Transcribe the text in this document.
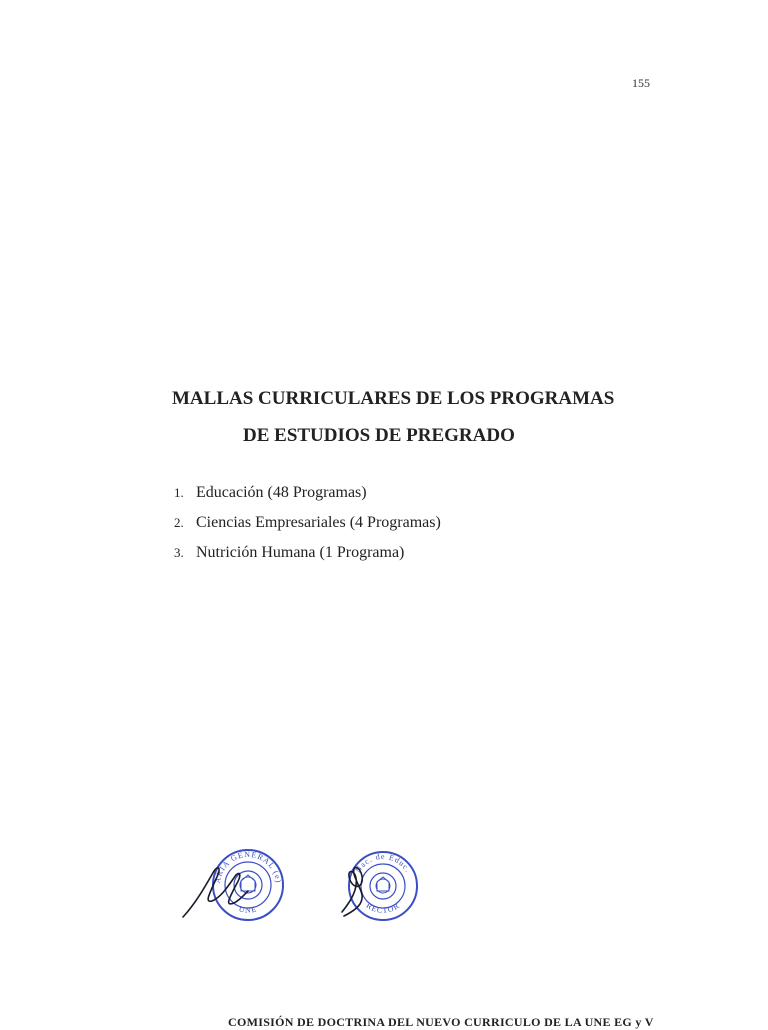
155
MALLAS CURRICULARES DE LOS PROGRAMAS
DE ESTUDIOS DE PREGRADO
1. Educación (48 Programas)
2. Ciencias Empresariales (4 Programas)
3. Nutrición Humana (1 Programa)
ARIA GENERAL (e)
UNE
Nac. de Educ.
RECTOR
COMISIÓN DE DOCTRINA DEL NUEVO CURRICULO DE LA UNE EG y V
